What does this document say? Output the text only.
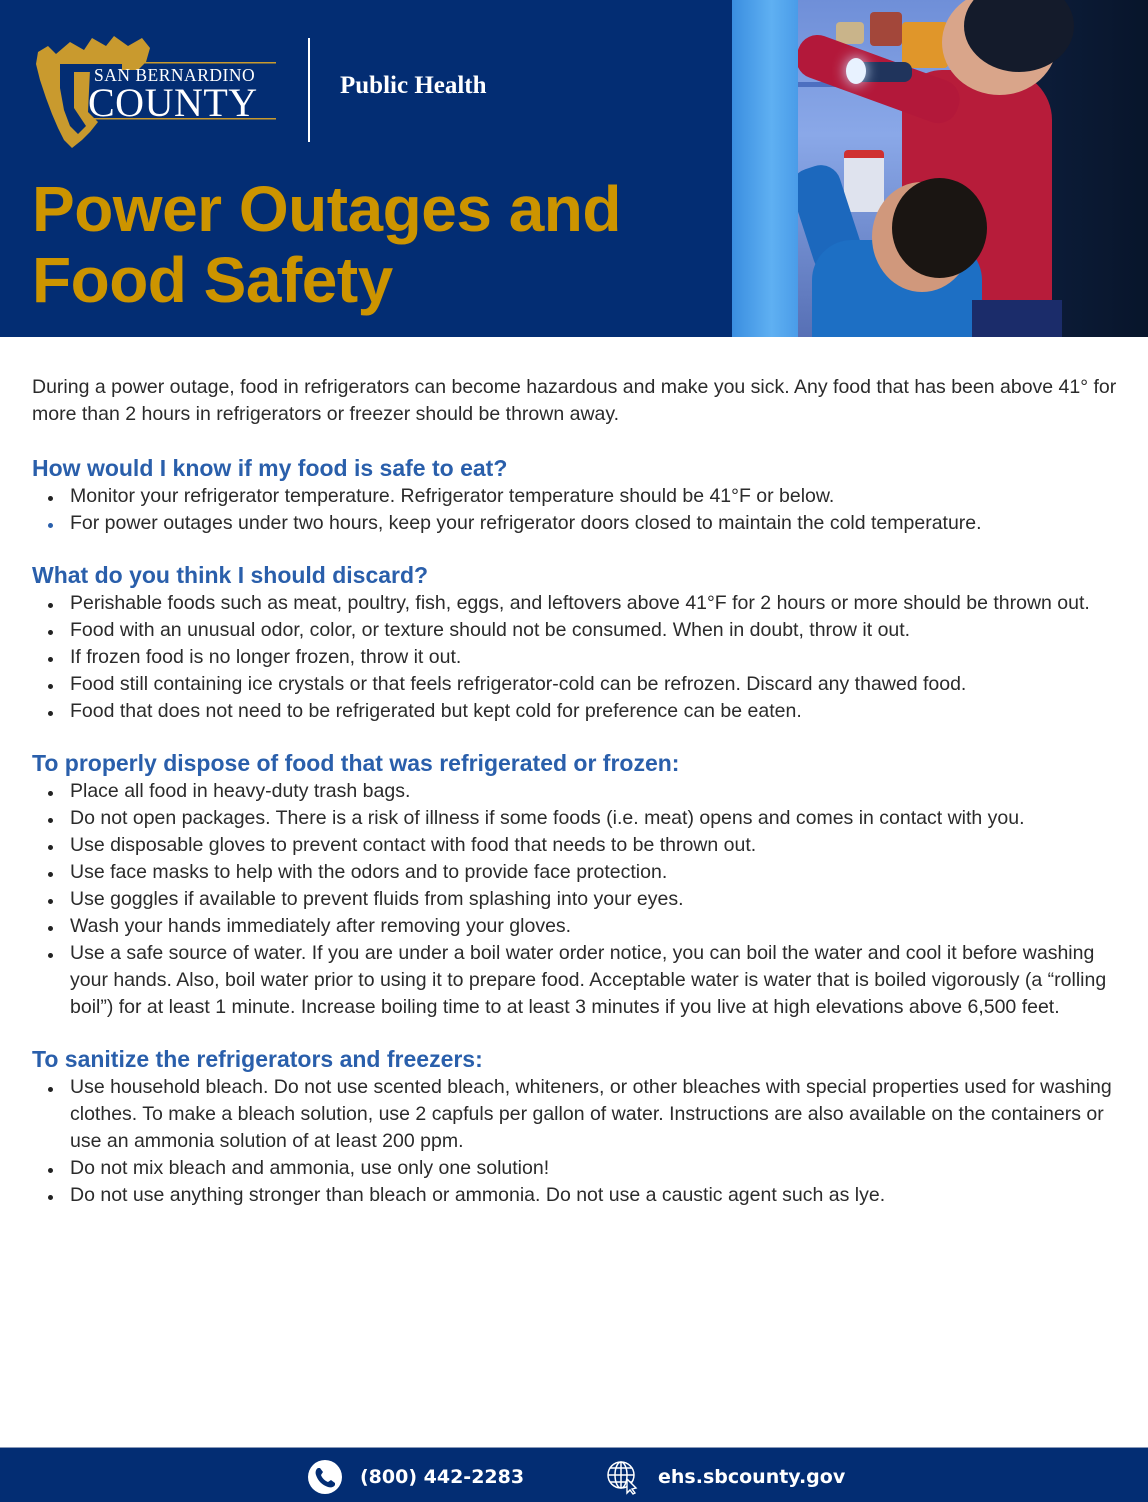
SAN BERNARDINO
COUNTY	Public Health
Power Outages and
Food Safety

During a power outage, food in refrigerators can become hazardous and make you sick. Any food that has been above 41° for more than 2 hours in refrigerators or freezer should be thrown away.

How would I know if my food is safe to eat?
Monitor your refrigerator temperature. Refrigerator temperature should be 41°F or below.
For power outages under two hours, keep your refrigerator doors closed to maintain the cold temperature.
What do you think I should discard?
Perishable foods such as meat, poultry, fish, eggs, and leftovers above 41°F for 2 hours or more should be thrown out.
Food with an unusual odor, color, or texture should not be consumed. When in doubt, throw it out.
If frozen food is no longer frozen, throw it out.
Food still containing ice crystals or that feels refrigerator-cold can be refrozen. Discard any thawed food.
Food that does not need to be refrigerated but kept cold for preference can be eaten.
To properly dispose of food that was refrigerated or frozen:
Place all food in heavy-duty trash bags.
Do not open packages. There is a risk of illness if some foods (i.e. meat) opens and comes in contact with you.
Use disposable gloves to prevent contact with food that needs to be thrown out.
Use face masks to help with the odors and to provide face protection.
Use goggles if available to prevent fluids from splashing into your eyes.
Wash your hands immediately after removing your gloves.
Use a safe source of water. If you are under a boil water order notice, you can boil the water and cool it before washing your hands. Also, boil water prior to using it to prepare food. Acceptable water is water that is boiled vigorously (a “rolling boil”) for at least 1 minute. Increase boiling time to at least 3 minutes if you live at high elevations above 6,500 feet.
To sanitize the refrigerators and freezers:
Use household bleach. Do not use scented bleach, whiteners, or other bleaches with special properties used for washing clothes. To make a bleach solution, use 2 capfuls per gallon of water. Instructions are also available on the containers or use an ammonia solution of at least 200 ppm.
Do not mix bleach and ammonia, use only one solution!
Do not use anything stronger than bleach or ammonia. Do not use a caustic agent such as lye.
(800) 442-2283	ehs.sbcounty.gov
